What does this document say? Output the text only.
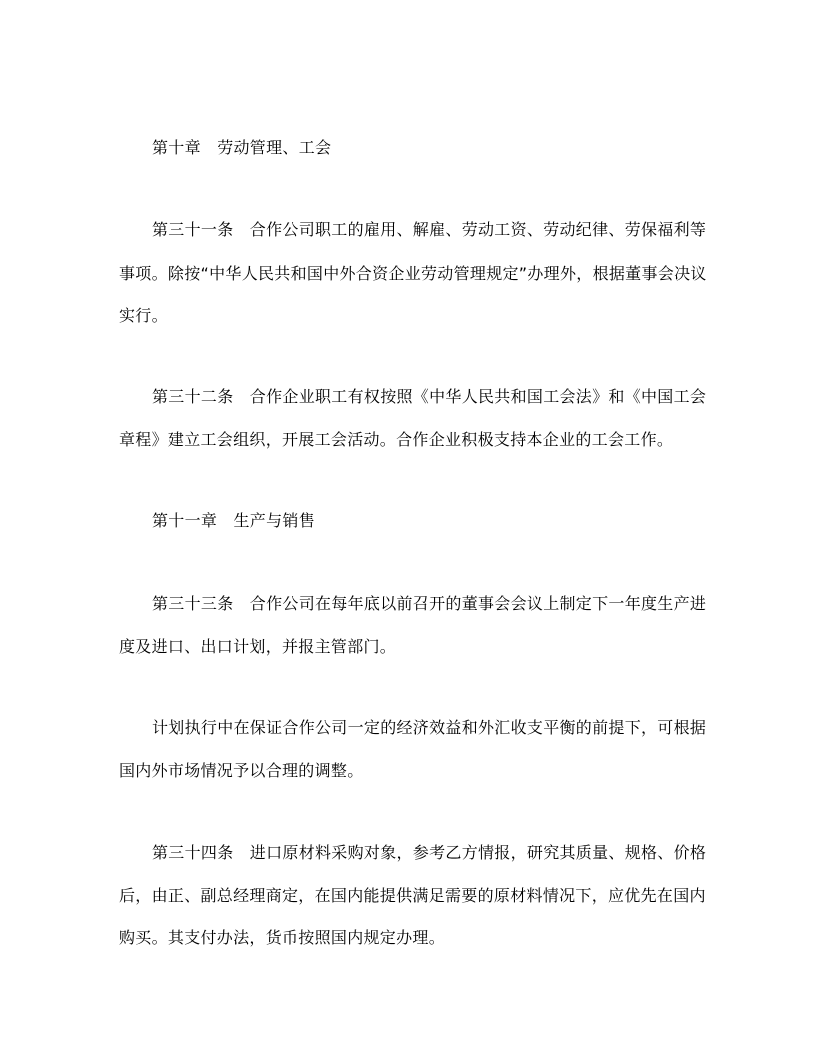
第十章　劳动管理、工会
第三十一条　合作公司职工的雇用、解雇、劳动工资、劳动纪律、劳保福利等
事项。除按“中华人民共和国中外合资企业劳动管理规定”办理外，根据董事会决议
实行。
第三十二条　合作企业职工有权按照《中华人民共和国工会法》和《中国工会
章程》建立工会组织，开展工会活动。合作企业积极支持本企业的工会工作。
第十一章　生产与销售
第三十三条　合作公司在每年底以前召开的董事会会议上制定下一年度生产进
度及进口、出口计划，并报主管部门。
计划执行中在保证合作公司一定的经济效益和外汇收支平衡的前提下，可根据
国内外市场情况予以合理的调整。
第三十四条　进口原材料采购对象，参考乙方情报，研究其质量、规格、价格
后，由正、副总经理商定，在国内能提供满足需要的原材料情况下，应优先在国内
购买。其支付办法，货币按照国内规定办理。
